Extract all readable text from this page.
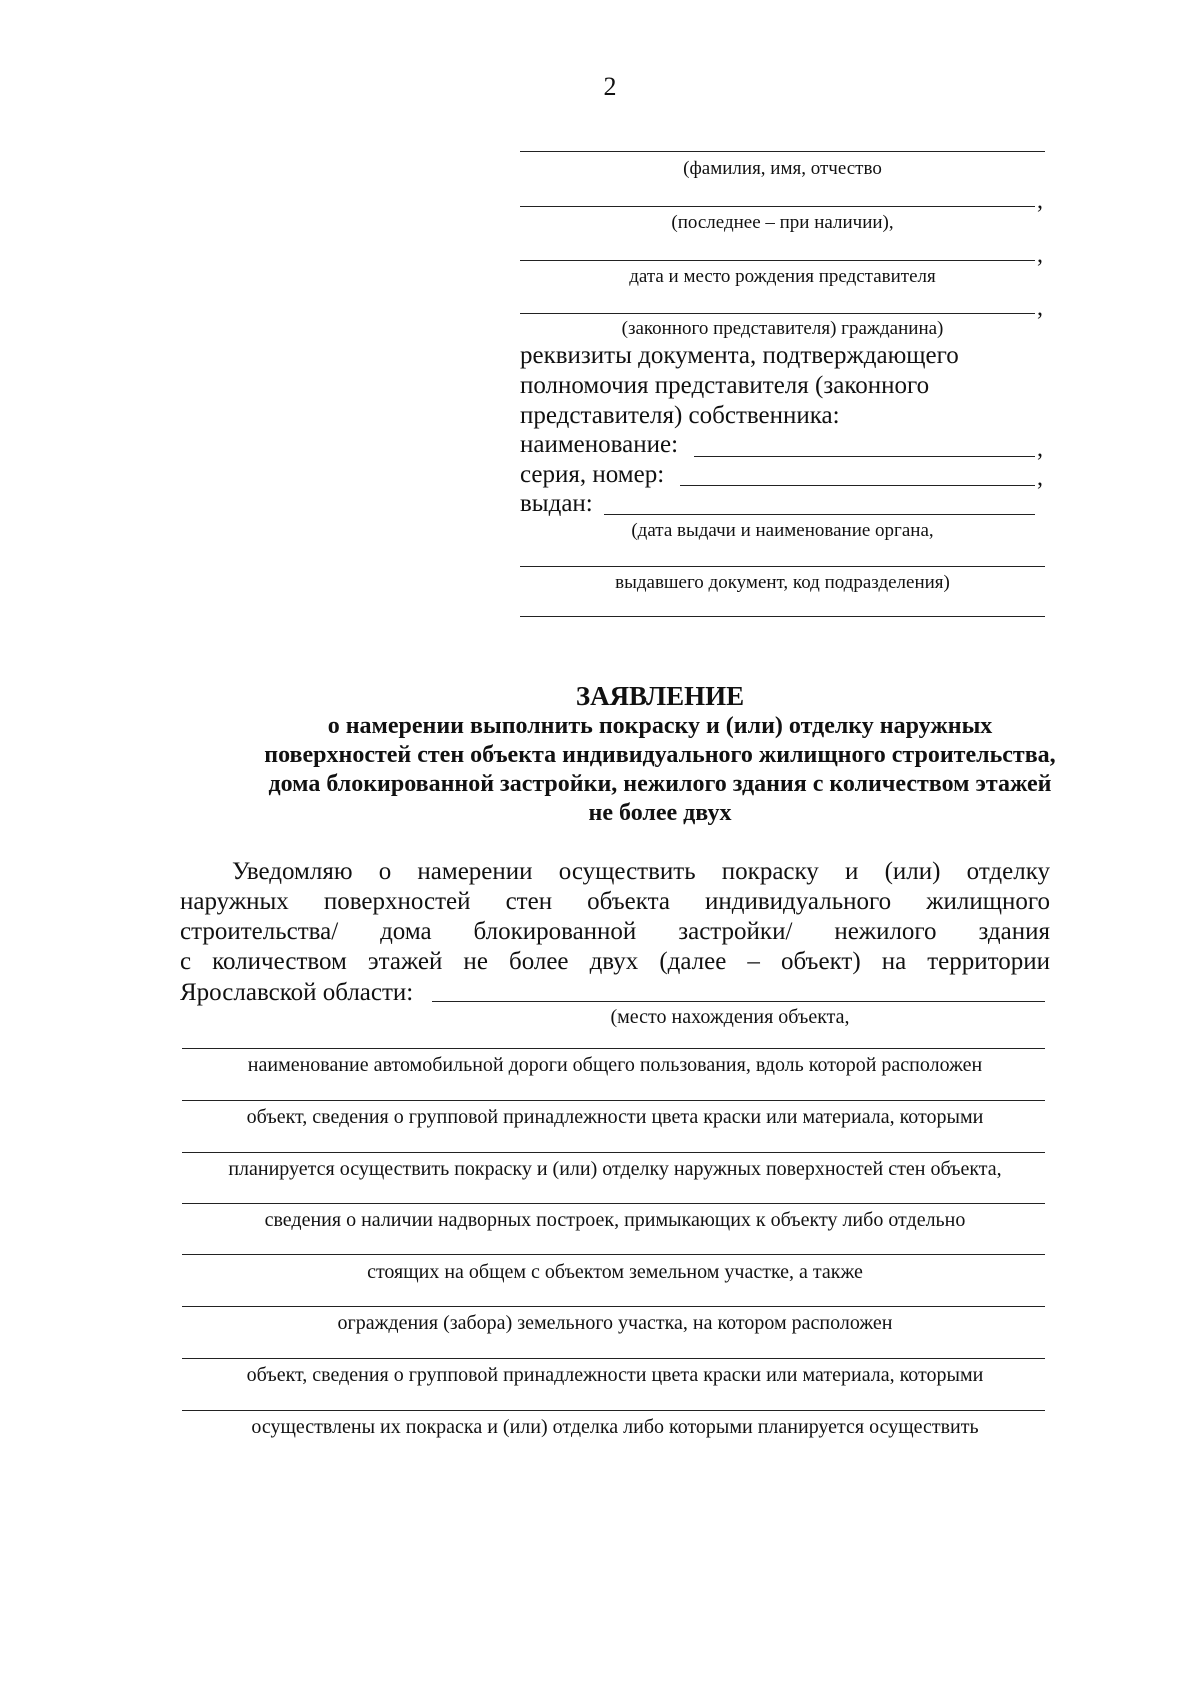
2
(фамилия, имя, отчество
,
(последнее – при наличии),
,
дата и место рождения представителя
,
(законного представителя) гражданина)
реквизиты документа, подтверждающего
полномочия представителя (законного
представителя) собственника:
наименование:	,
серия, номер:	,
выдан:
(дата выдачи и наименование органа,
выдавшего документ, код подразделения)
ЗАЯВЛЕНИЕ
о намерении выполнить покраску и (или) отделку наружных
поверхностей стен объекта индивидуального жилищного строительства,
дома блокированной застройки, нежилого здания с количеством этажей
не более двух
Уведомляю о намерении осуществить покраску и (или) отделку
наружных поверхностей стен объекта индивидуального жилищного
строительства/ дома блокированной застройки/ нежилого здания
с количеством этажей не более двух (далее – объект) на территории
Ярославской области:
(место нахождения объекта,
наименование автомобильной дороги общего пользования, вдоль которой расположен
объект, сведения о групповой принадлежности цвета краски или материала, которыми
планируется осуществить покраску и (или) отделку наружных поверхностей стен объекта,
сведения о наличии надворных построек, примыкающих к объекту либо отдельно
стоящих на общем с объектом земельном участке, а также
ограждения (забора) земельного участка, на котором расположен
объект, сведения о групповой принадлежности цвета краски или материала, которыми
осуществлены их покраска и (или) отделка либо которыми планируется осуществить
